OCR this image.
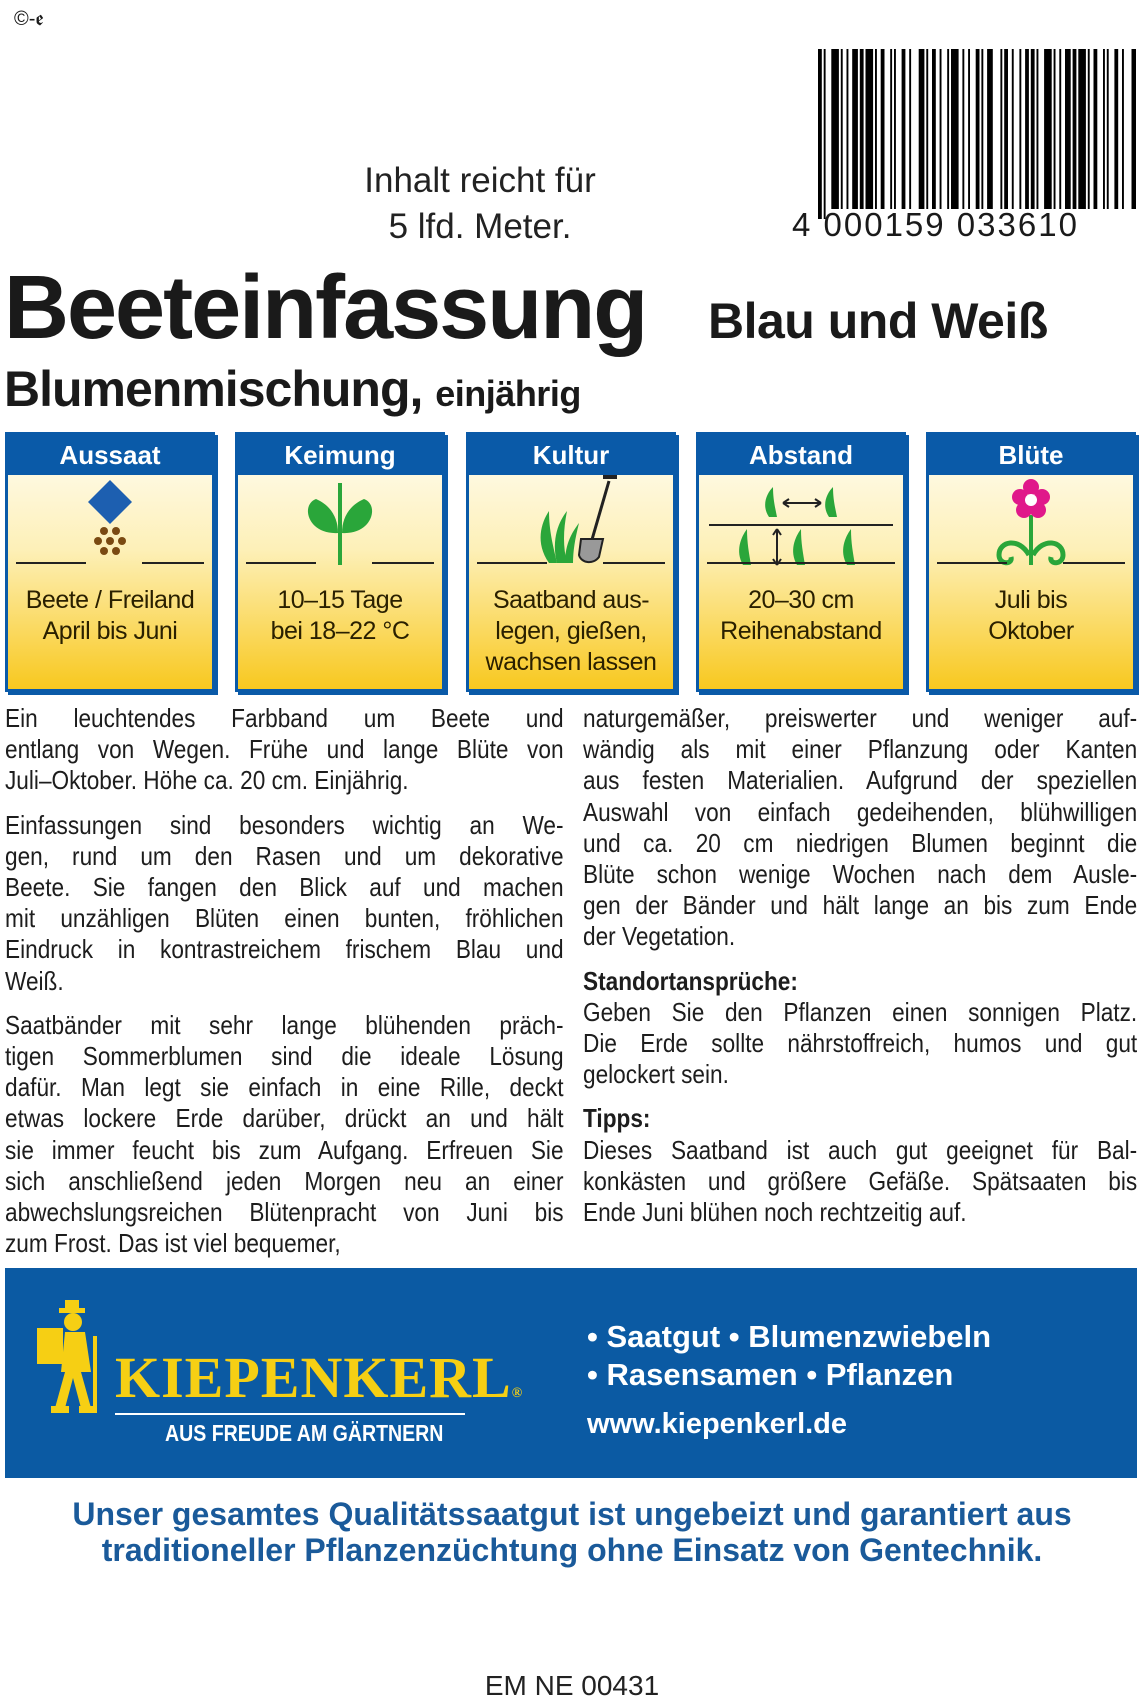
©-ꬲ
Inhalt reicht für
5 lfd. Meter.	4 000159 033610
Beeteinfassung Blau und Weiß
Blumenmischung, einjährig
Aussaat
Beete / Freiland
April bis Juni
Keimung
10–15 Tage
bei 18–22 °C
Kultur
Saatband aus-
legen, gießen,
wachsen lassen
Abstand
20–30 cm
Reihenabstand
Blüte
Juli bis
Oktober
Ein leuchtendes Farbband um Beete und
entlang von Wegen. Frühe und lange Blüte von
Juli–Oktober. Höhe ca. 20 cm. Einjährig.
Einfassungen sind besonders wichtig an We-
gen, rund um den Rasen und um dekorative
Beete. Sie fangen den Blick auf und machen
mit unzähligen Blüten einen bunten, fröhlichen
Eindruck in kontrastreichem frischem Blau und
Weiß.
Saatbänder mit sehr lange blühenden präch-
tigen Sommerblumen sind die ideale Lösung
dafür. Man legt sie einfach in eine Rille, deckt
etwas lockere Erde darüber, drückt an und hält
sie immer feucht bis zum Aufgang. Erfreuen Sie
sich anschließend jeden Morgen neu an einer
abwechslungsreichen Blütenpracht von Juni bis
zum Frost. Das ist viel bequemer,
naturgemäßer, preiswerter und weniger auf-
wändig als mit einer Pflanzung oder Kanten
aus festen Materialien. Aufgrund der speziellen
Auswahl von einfach gedeihenden, blühwilligen
und ca. 20 cm niedrigen Blumen beginnt die
Blüte schon wenige Wochen nach dem Ausle-
gen der Bänder und hält lange an bis zum Ende
der Vegetation.
Standortansprüche:
Geben Sie den Pflanzen einen sonnigen Platz.
Die Erde sollte nährstoffreich, humos und gut
gelockert sein.
Tipps:
Dieses Saatband ist auch gut geeignet für Bal-
konkästen und größere Gefäße. Spätsaaten bis
Ende Juni blühen noch rechtzeitig auf.
KIEPENKERL®
AUS FREUDE AM GÄRTNERN
• Saatgut • Blumenzwiebeln
• Rasensamen • Pflanzen
www.kiepenkerl.de
Unser gesamtes Qualitätssaatgut ist ungebeizt und garantiert aus
traditioneller Pflanzenzüchtung ohne Einsatz von Gentechnik.
EM NE 00431
